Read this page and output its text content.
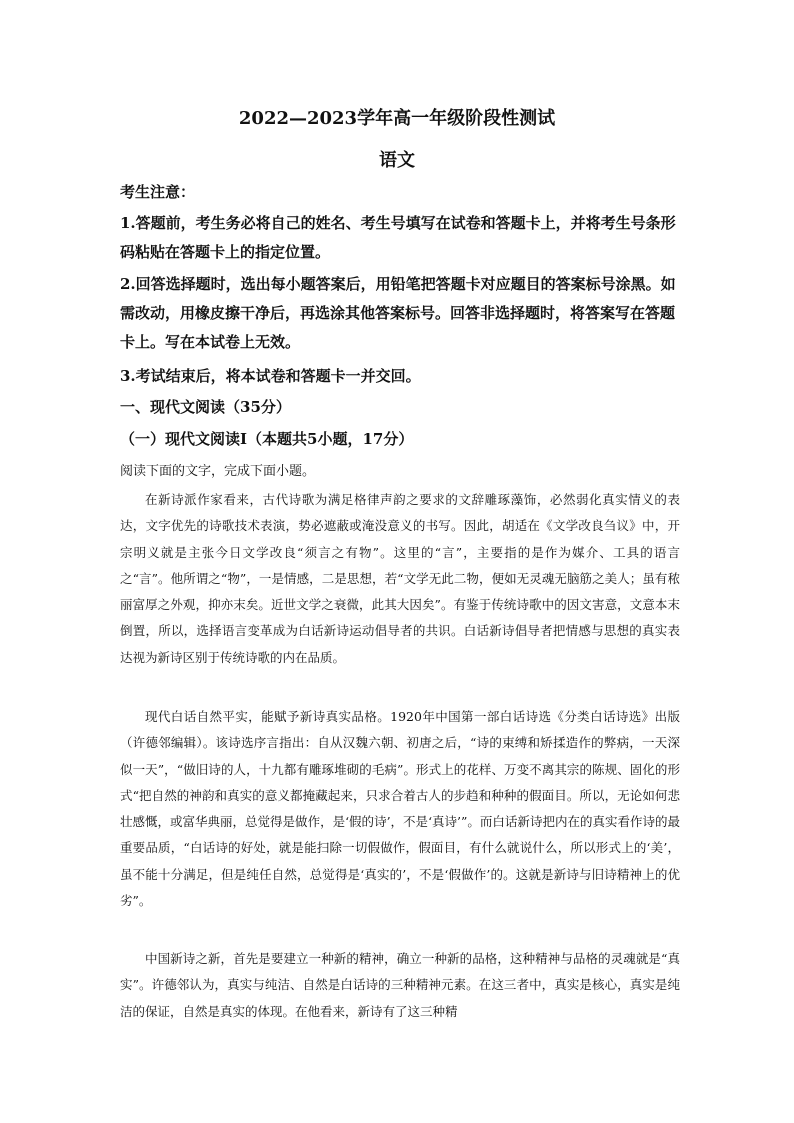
2022—2023学年高一年级阶段性测试
语文
考生注意：
1.答题前，考生务必将自己的姓名、考生号填写在试卷和答题卡上，并将考生号条形码粘贴在答题卡上的指定位置。
2.回答选择题时，选出每小题答案后，用铅笔把答题卡对应题目的答案标号涂黑。如需改动，用橡皮擦干净后，再选涂其他答案标号。回答非选择题时，将答案写在答题卡上。写在本试卷上无效。
3.考试结束后，将本试卷和答题卡一并交回。
一、现代文阅读（35分）
（一）现代文阅读Ⅰ（本题共5小题，17分）
阅读下面的文字，完成下面小题。
在新诗派作家看来，古代诗歌为满足格律声韵之要求的文辞雕琢藻饰，必然弱化真实情义的表达，文字优先的诗歌技术表演，势必遮蔽或淹没意义的书写。因此，胡适在《文学改良刍议》中，开宗明义就是主张今日文学改良“须言之有物”。这里的“言”，主要指的是作为媒介、工具的语言之“言”。他所谓之“物”，一是情感，二是思想，若“文学无此二物，便如无灵魂无脑筋之美人；虽有秾丽富厚之外观，抑亦末矣。近世文学之衰微，此其大因矣”。有鉴于传统诗歌中的因文害意，文意本末倒置，所以，选择语言变革成为白话新诗运动倡导者的共识。白话新诗倡导者把情感与思想的真实表达视为新诗区别于传统诗歌的内在品质。
现代白话自然平实，能赋予新诗真实品格。1920年中国第一部白话诗选《分类白话诗选》出版（许德邻编辑）。该诗选序言指出：自从汉魏六朝、初唐之后，“诗的束缚和矫揉造作的弊病，一天深似一天”，“做旧诗的人，十九都有雕琢堆砌的毛病”。形式上的花样、万变不离其宗的陈规、固化的形式“把自然的神韵和真实的意义都掩藏起来，只求合着古人的步趋和种种的假面目。所以，无论如何悲壮感慨，或富华典丽，总觉得是做作，是‘假的诗’，不是‘真诗’”。而白话新诗把内在的真实看作诗的最重要品质，“白话诗的好处，就是能扫除一切假做作，假面目，有什么就说什么，所以形式上的‘美’，虽不能十分满足，但是纯任自然，总觉得是‘真实的’，不是‘假做作’的。这就是新诗与旧诗精神上的优劣”。
中国新诗之新，首先是要建立一种新的精神，确立一种新的品格，这种精神与品格的灵魂就是“真实”。许德邻认为，真实与纯洁、自然是白话诗的三种精神元素。在这三者中，真实是核心，真实是纯洁的保证，自然是真实的体现。在他看来，新诗有了这三种精
